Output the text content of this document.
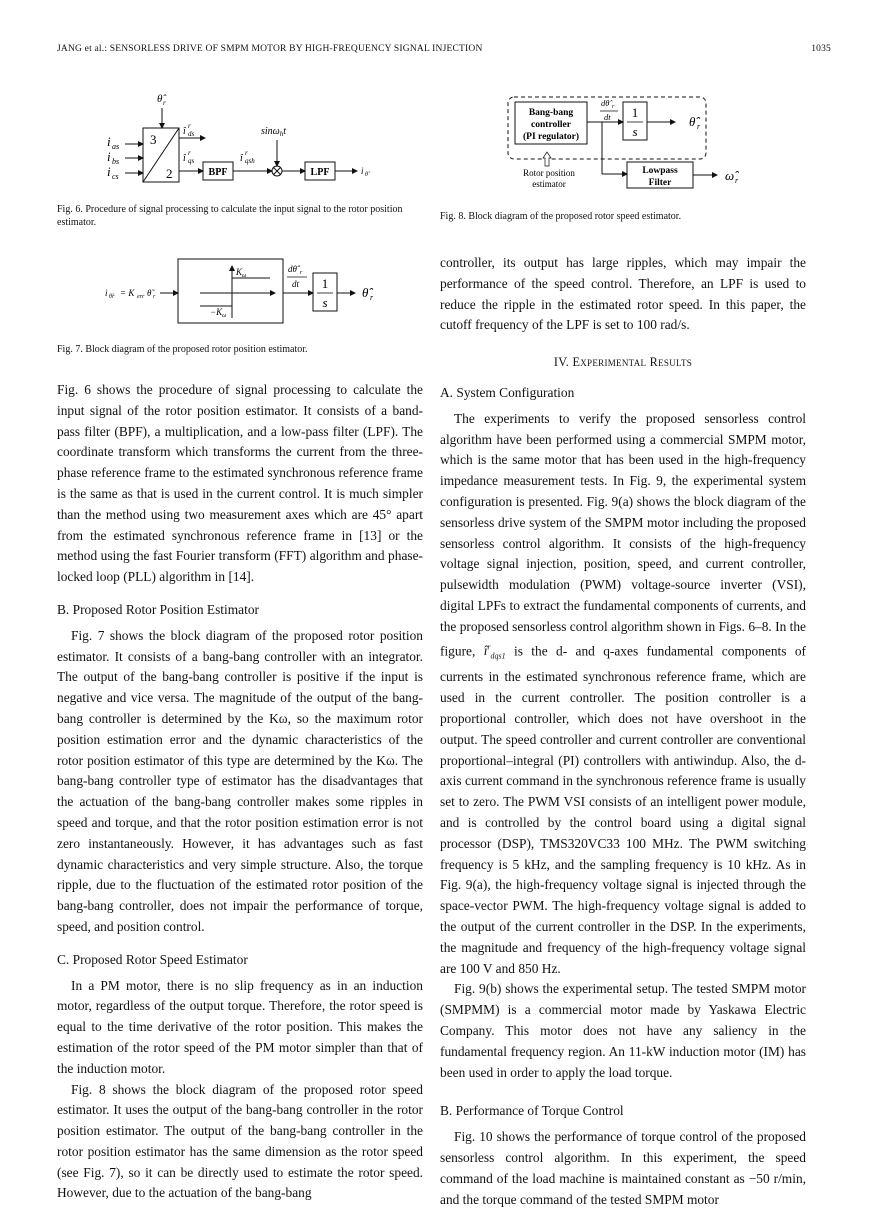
JANG et al.: SENSORLESS DRIVE OF SMPM MOTOR BY HIGH-FREQUENCY SIGNAL INJECTION	1035
θ̂ r
3
2
i as
i bs
i cs
î r
ds
î r
qs
BPF
î r
qsh
sinω$_h$t
LPF	i θ̃
Fig. 6. Procedure of signal processing to calculate the input signal to the rotor position estimator.
i θ̃r = K err θ̃ r
$K_\omega$
$-K_\omega$
dθ̂ r
dt 1
s
θ̂ r
Fig. 7. Block diagram of the proposed rotor position estimator.
Bang-bang
controller
(PI regulator)
dθ̂ r
dt 1
s
θ̂ r
Lowpass
Filter	ω̂ r
Rotor position
estimator
Fig. 8. Block diagram of the proposed rotor speed estimator.

Fig. 6 shows the procedure of signal processing to calculate the input signal of the rotor position estimator. It consists of a band-pass filter (BPF), a multiplication, and a low-pass filter (LPF). The coordinate transform which transforms the current from the three-phase reference frame to the estimated synchronous reference frame is the same as that is used in the current control. It is much simpler than the method using two measurement axes which are 45° apart from the estimated synchronous reference frame in [13] or the method using the fast Fourier transform (FFT) algorithm and phase-locked loop (PLL) algorithm in [14].

B. Proposed Rotor Position Estimator

Fig. 7 shows the block diagram of the proposed rotor position estimator. It consists of a bang-bang controller with an integrator. The output of the bang-bang controller is positive if the input is negative and vice versa. The magnitude of the output of the bang-bang controller is determined by the Kω, so the maximum rotor position estimation error and the dynamic characteristics of the rotor position estimator of this type are determined by the Kω. The bang-bang controller type of estimator has the disadvantages that the actuation of the bang-bang controller makes some ripples in speed and torque, and that the rotor position estimation error is not zero instantaneously. However, it has advantages such as fast dynamic characteristics and very simple structure. Also, the torque ripple, due to the fluctuation of the estimated rotor position of the bang-bang controller, does not impair the performance of torque, speed, and position control.

C. Proposed Rotor Speed Estimator

In a PM motor, there is no slip frequency as in an induction motor, regardless of the output torque. Therefore, the rotor speed is equal to the time derivative of the rotor position. This makes the estimation of the rotor speed of the PM motor simpler than that of the induction motor.

Fig. 8 shows the block diagram of the proposed rotor speed estimator. It uses the output of the bang-bang controller in the rotor position estimator. The output of the bang-bang controller in the rotor position estimator has the same dimension as the rotor speed (see Fig. 7), so it can be directly used to estimate the rotor speed. However, due to the actuation of the bang-bang

controller, its output has large ripples, which may impair the performance of the speed control. Therefore, an LPF is used to reduce the ripple in the estimated rotor speed. In this paper, the cutoff frequency of the LPF is set to 100 rad/s.

IV. Experimental Results
A. System Configuration

The experiments to verify the proposed sensorless control algorithm have been performed using a commercial SMPM motor, which is the same motor that has been used in the high-frequency impedance measurement tests. In Fig. 9, the experimental system configuration is presented. Fig. 9(a) shows the block diagram of the sensorless drive system of the SMPM motor including the proposed sensorless control algorithm. It consists of the high-frequency voltage signal injection, position, speed, and current controller, pulsewidth modulation (PWM) voltage-source inverter (VSI), digital LPFs to extract the fundamental components of currents, and the proposed sensorless control algorithm shown in Figs. 6–8. In the figure, $î^r_{dqs1}$ is the d- and q-axes fundamental components of currents in the estimated synchronous reference frame, which are used in the current controller. The position controller is a proportional controller, which does not have overshoot in the output. The speed controller and current controller are conventional proportional–integral (PI) controllers with antiwindup. Also, the d-axis current command in the synchronous reference frame is usually set to zero. The PWM VSI consists of an intelligent power module, and is controlled by the control board using a digital signal processor (DSP), TMS320VC33 100 MHz. The PWM switching frequency is 5 kHz, and the sampling frequency is 10 kHz. As in Fig. 9(a), the high-frequency voltage signal is injected through the space-vector PWM. The high-frequency voltage signal is added to the output of the current controller in the DSP. In the experiments, the magnitude and frequency of the high-frequency voltage signal are 100 V and 850 Hz.

Fig. 9(b) shows the experimental setup. The tested SMPM motor (SMPMM) is a commercial motor made by Yaskawa Electric Company. This motor does not have any saliency in the fundamental frequency region. An 11-kW induction motor (IM) has been used in order to apply the load torque.

B. Performance of Torque Control

Fig. 10 shows the performance of torque control of the proposed sensorless control algorithm. In this experiment, the speed command of the load machine is maintained constant as −50 r/min, and the torque command of the tested SMPM motor
